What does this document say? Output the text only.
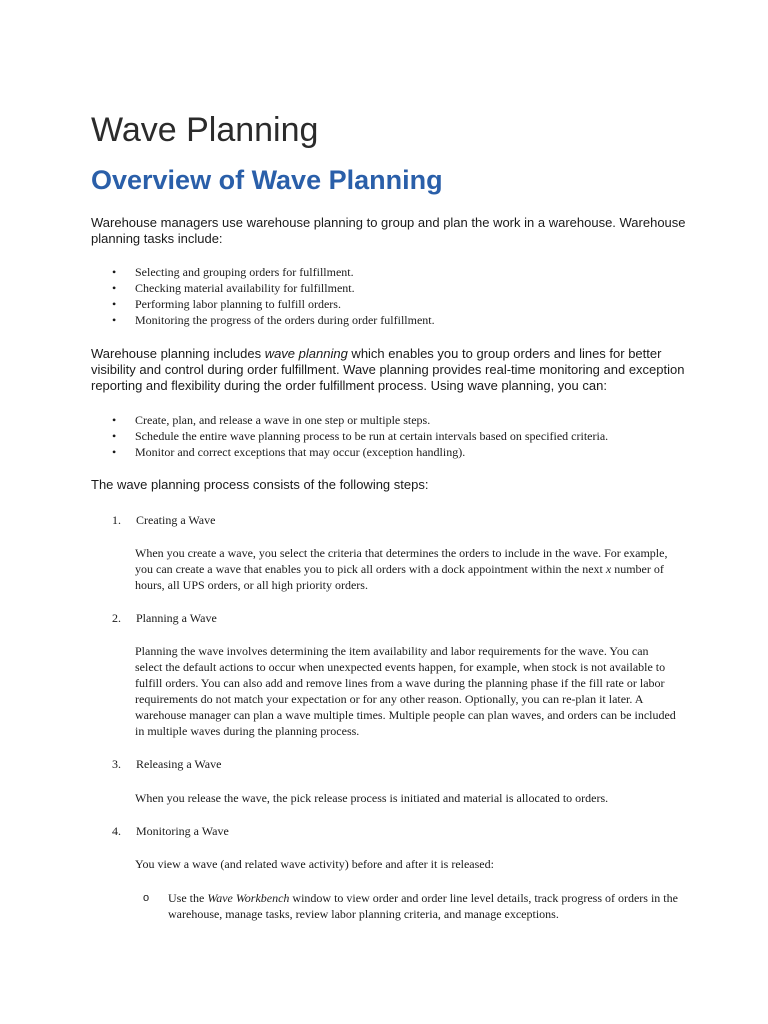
Wave Planning
Overview of Wave Planning

Warehouse managers use warehouse planning to group and plan the work in a warehouse. Warehouse planning tasks include:

• Selecting and grouping orders for fulfillment.
• Checking material availability for fulfillment.
• Performing labor planning to fulfill orders.
• Monitoring the progress of the orders during order fulfillment.

Warehouse planning includes wave planning which enables you to group orders and lines for better visibility and control during order fulfillment. Wave planning provides real-time monitoring and exception reporting and flexibility during the order fulfillment process. Using wave planning, you can:

• Create, plan, and release a wave in one step or multiple steps.
• Schedule the entire wave planning process to be run at certain intervals based on specified criteria.
• Monitor and correct exceptions that may occur (exception handling).

The wave planning process consists of the following steps:

1. Creating a Wave

When you create a wave, you select the criteria that determines the orders to include in the wave. For example, you can create a wave that enables you to pick all orders with a dock appointment within the next x number of hours, all UPS orders, or all high priority orders.

2. Planning a Wave

Planning the wave involves determining the item availability and labor requirements for the wave. You can select the default actions to occur when unexpected events happen, for example, when stock is not available to fulfill orders. You can also add and remove lines from a wave during the planning phase if the fill rate or labor requirements do not match your expectation or for any other reason. Optionally, you can re-plan it later. A warehouse manager can plan a wave multiple times. Multiple people can plan waves, and orders can be included in multiple waves during the planning process.

3. Releasing a Wave

When you release the wave, the pick release process is initiated and material is allocated to orders.

4. Monitoring a Wave

You view a wave (and related wave activity) before and after it is released:

o	Use the Wave Workbench window to view order and order line level details, track progress of orders in the warehouse, manage tasks, review labor planning criteria, and manage exceptions.
